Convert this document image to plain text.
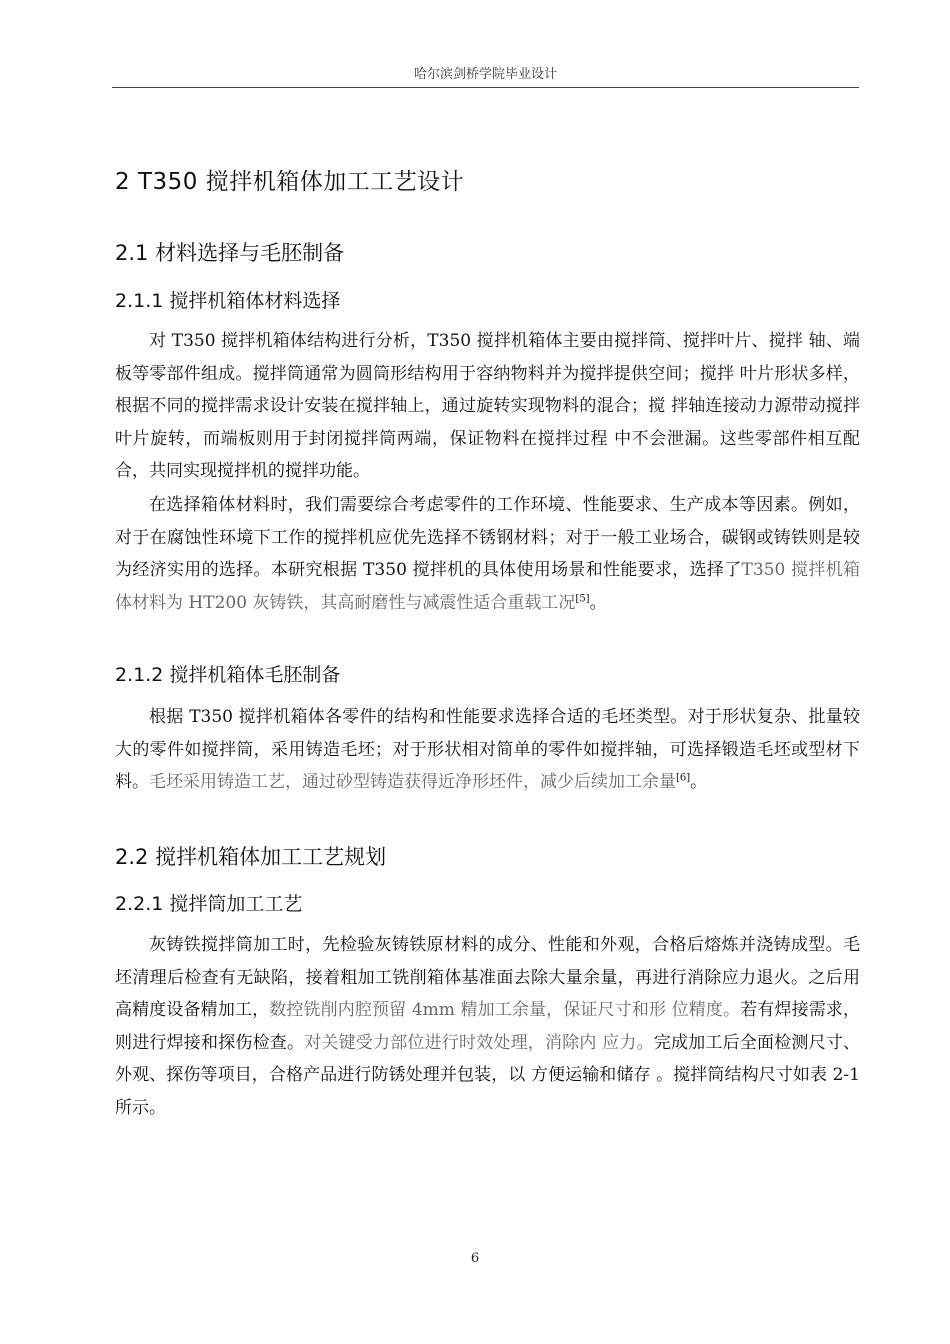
哈尔滨剑桥学院毕业设计
2 T350 搅拌机箱体加工工艺设计
2.1 材料选择与毛胚制备
2.1.1 搅拌机箱体材料选择

对 T350 搅拌机箱体结构进行分析，T350 搅拌机箱体主要由搅拌筒、搅拌叶片、搅拌 轴、端板等零部件组成。搅拌筒通常为圆筒形结构用于容纳物料并为搅拌提供空间；搅拌 叶片形状多样，根据不同的搅拌需求设计安装在搅拌轴上，通过旋转实现物料的混合；搅 拌轴连接动力源带动搅拌叶片旋转，而端板则用于封闭搅拌筒两端，保证物料在搅拌过程 中不会泄漏。这些零部件相互配合，共同实现搅拌机的搅拌功能。

在选择箱体材料时，我们需要综合考虑零件的工作环境、性能要求、生产成本等因素。例如，对于在腐蚀性环境下工作的搅拌机应优先选择不锈钢材料；对于一般工业场合，碳钢或铸铁则是较为经济实用的选择。本研究根据 T350 搅拌机的具体使用场景和性能要求，选择了T350 搅拌机箱体材料为 HT200 灰铸铁，其高耐磨性与减震性适合重载工况[5]。

2.1.2 搅拌机箱体毛胚制备

根据 T350 搅拌机箱体各零件的结构和性能要求选择合适的毛坯类型。对于形状复杂、批量较大的零件如搅拌筒，采用铸造毛坯；对于形状相对简单的零件如搅拌轴，可选择锻造毛坯或型材下料。毛坯采用铸造工艺，通过砂型铸造获得近净形坯件，减少后续加工余量[6]。

2.2 搅拌机箱体加工工艺规划
2.2.1 搅拌筒加工工艺

灰铸铁搅拌筒加工时，先检验灰铸铁原材料的成分、性能和外观，合格后熔炼并浇铸成型。毛坯清理后检查有无缺陷，接着粗加工铣削箱体基准面去除大量余量，再进行消除应力退火。之后用高精度设备精加工，数控铣削内腔预留 4mm 精加工余量，保证尺寸和形 位精度。若有焊接需求，则进行焊接和探伤检查。对关键受力部位进行时效处理，消除内 应力。完成加工后全面检测尺寸、外观、探伤等项目，合格产品进行防锈处理并包装，以 方便运输和储存 。搅拌筒结构尺寸如表 2-1 所示。

6
